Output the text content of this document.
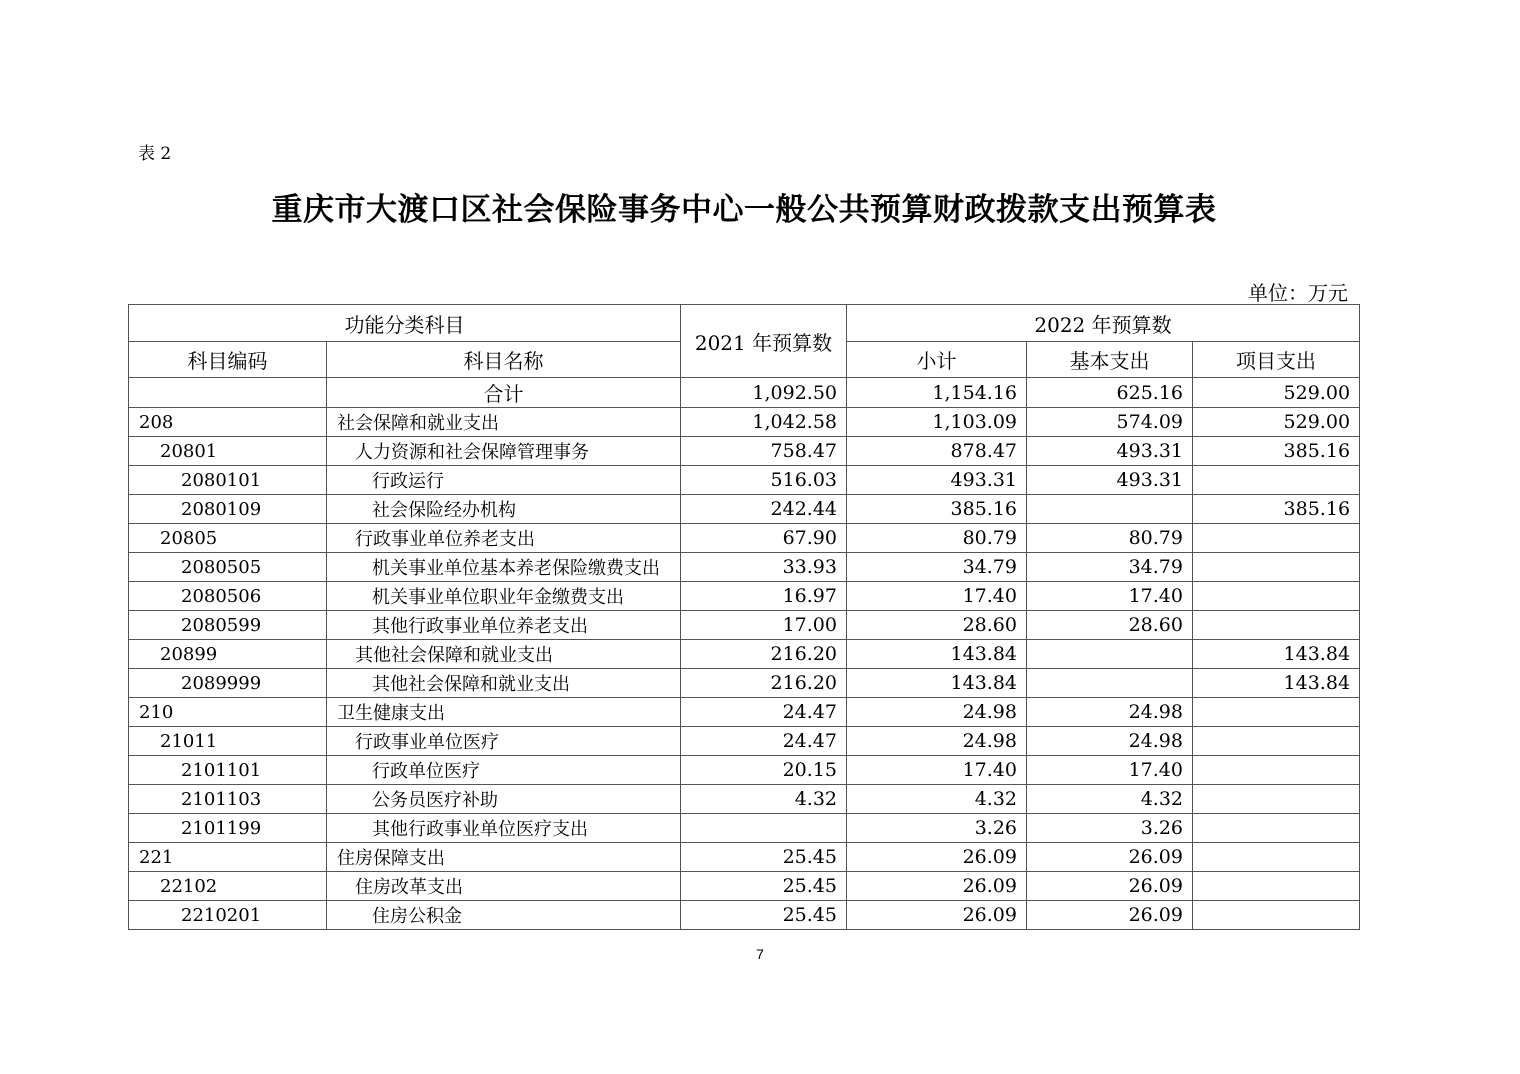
表 2
重庆市大渡口区社会保险事务中心一般公共预算财政拨款支出预算表
单位：万元
功能分类科目		2021 年预算数	2022 年预算数		
科目编码	科目名称		小计	基本支出	项目支出
	合计	1,092.50	1,154.16	625.16	529.00
208	社会保障和就业支出	1,042.58	1,103.09	574.09	529.00
20801	人力资源和社会保障管理事务	758.47	878.47	493.31	385.16
2080101	行政运行	516.03	493.31	493.31	
2080109	社会保险经办机构	242.44	385.16		385.16
20805	行政事业单位养老支出	67.90	80.79	80.79	
2080505	机关事业单位基本养老保险缴费支出	33.93	34.79	34.79	
2080506	机关事业单位职业年金缴费支出	16.97	17.40	17.40	
2080599	其他行政事业单位养老支出	17.00	28.60	28.60	
20899	其他社会保障和就业支出	216.20	143.84		143.84
2089999	其他社会保障和就业支出	216.20	143.84		143.84
210	卫生健康支出	24.47	24.98	24.98	
21011	行政事业单位医疗	24.47	24.98	24.98	
2101101	行政单位医疗	20.15	17.40	17.40	
2101103	公务员医疗补助	4.32	4.32	4.32	
2101199	其他行政事业单位医疗支出		3.26	3.26	
221	住房保障支出	25.45	26.09	26.09	
22102	住房改革支出	25.45	26.09	26.09	
2210201	住房公积金	25.45	26.09	26.09	
7
